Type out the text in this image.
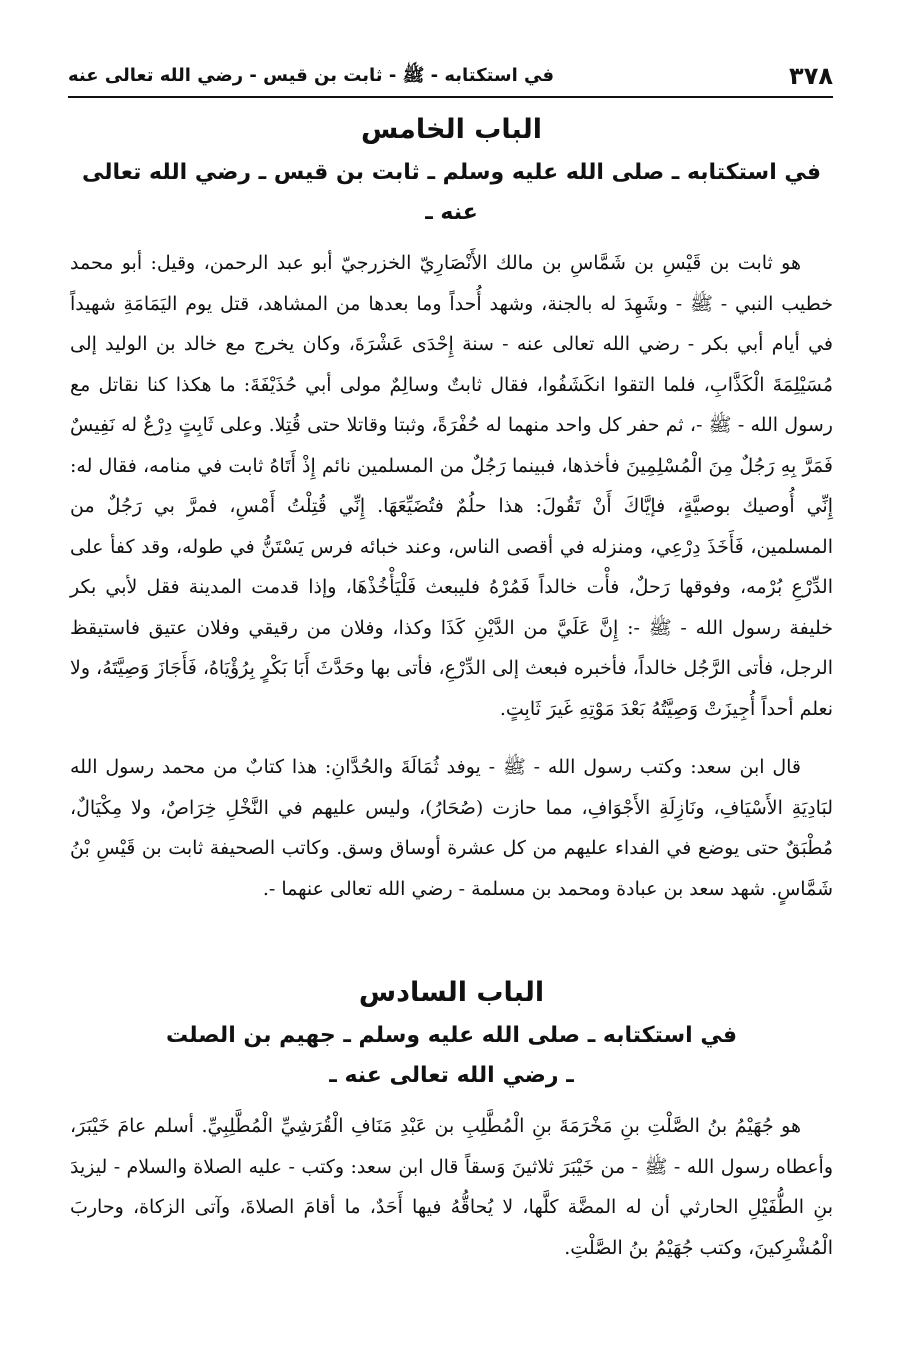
٣٧٨
في استكتابه - ﷺ - ثابت بن قيس - رضي الله تعالى عنه
الباب الخامس
في استكتابه ـ صلى الله عليه وسلم ـ ثابت بن قيس ـ رضي الله تعالى عنه ـ

هو ثابت بن قَيْسِ بن شَمَّاسِ بن مالك الأَنْصَارِيّ الخزرجيّ أبو عبد الرحمن، وقيل: أبو محمد خطيب النبي - ﷺ - وشَهِدَ له بالجنة، وشهد أُحداً وما بعدها من المشاهد، قتل يوم اليَمَامَةِ شهيداً في أيام أبي بكر - رضي الله تعالى عنه - سنة إِحْدَى عَشْرَةَ، وكان يخرج مع خالد بن الوليد إلى مُسَيْلِمَةَ الْكَذَّابِ، فلما التقوا انكَشَفُوا، فقال ثابتٌ وسالِمٌ مولى أبي حُذَيْفَةَ: ما هكذا كنا نقاتل مع رسول الله - ﷺ -، ثم حفر كل واحد منهما له حُفْرَةً، وثبتا وقاتلا حتى قُتِلا. وعلى ثَابِتٍ دِرْعٌ له نَفِيسٌ فَمَرَّ بِهِ رَجُلٌ مِنَ الْمُسْلِمِينَ فأخذها، فبينما رَجُلٌ من المسلمين نائم إِذْ أَتَاهُ ثابت في منامه، فقال له: إِنِّي أُوصيك بوصيَّةٍ، فإيَّاكَ أَنْ تَقُولَ: هذا حلُمٌ فتُضَيِّعَهَا. إِنِّي قُتِلْتُ أَمْسِ، فمرَّ بي رَجُلٌ من المسلمين، فَأَخَذَ دِرْعِي، ومنزله في أقصى الناس، وعند خبائه فرس يَسْتَنُّ في طوله، وقد كفأ على الدِّرْعِ بُرْمه، وفوقها رَحلٌ، فأْت خالداً فَمُرْهُ فليبعث فَلْيَأْخُذْهَا، وإذا قدمت المدينة فقل لأبي بكر خليفة رسول الله - ﷺ -: إِنَّ عَلَيَّ من الدَّيْنِ كَذَا وكذا، وفلان من رقيقي وفلان عتيق فاستيقظ الرجل، فأتى الرَّجُل خالداً، فأخبره فبعث إلى الدِّرْعِ، فأتى بها وحَدَّثَ أَبَا بَكْرٍ بِرُؤْيَاهُ، فَأَجَازَ وَصِيَّتَهُ، ولا نعلم أحداً أُجِيزَتْ وَصِيَّتُهُ بَعْدَ مَوْتِهِ غَيرَ ثَابِتٍ.

قال ابن سعد: وكتب رسول الله - ﷺ - يوفد ثُمَالَةَ والحُدَّانِ: هذا كتابٌ من محمد رسول الله لبَادِيَةِ الأَسْيَافِ، ونَازِلَةِ الأَجْوَافِ، مما حازت (صُحَارُ)، وليس عليهم في النَّخْلِ خِرَاصٌ، ولا مِكْيَالٌ، مُطْبَقٌ حتى يوضع في الفداء عليهم من كل عشرة أوساق وسق. وكاتب الصحيفة ثابت بن قَيْسِ بْنُ شَمَّاسٍ. شهد سعد بن عبادة ومحمد بن مسلمة - رضي الله تعالى عنهما -.

الباب السادس
في استكتابه ـ صلى الله عليه وسلم ـ جهيم بن الصلت
ـ رضي الله تعالى عنه ـ

هو جُهَيْمُ بنُ الصَّلْتِ بنِ مَخْرَمَةَ بنِ الْمُطَّلِبِ بن عَبْدِ مَنَافِ الْقُرَشِيِّ الْمُطَّلِبِيِّ. أسلم عامَ خَيْبَرَ، وأعطاه رسول الله - ﷺ - من خَيْبَرَ ثلاثينَ وَسقاً قال ابن سعد: وكتب - عليه الصلاة والسلام - ليزيدَ بنِ الطُّفَيْلِ الحارثي أن له المضَّة كلَّها، لا يُحاقُّهُ فيها أَحَدٌ، ما أقامَ الصلاةَ، وآتى الزكاة، وحاربَ الْمُشْرِكينَ، وكتب جُهَيْمُ بنُ الصَّلْتِ.
